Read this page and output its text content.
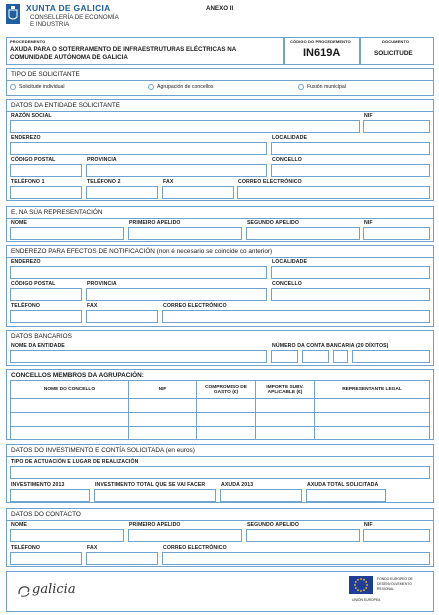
XUNTA DE GALICIA
CONSELLERÍA DE ECONOMÍA
E INDUSTRIA
ANEXO II
PROCEDEMENTO
AXUDA PARA O SOTERRAMENTO DE INFRAESTRUTURAS ELÉCTRICAS NA
COMUNIDADE AUTÓNOMA DE GALICIA
CÓDIGO DO PROCEDEMENTO
IN619A
DOCUMENTO
SOLICITUDE
TIPO DE SOLICITANTE
Solicitude individual	Agrupación de concellos	Fusión municipal
DATOS DA ENTIDADE SOLICITANTE
RAZÓN SOCIAL	NIF
ENDEREZO	LOCALIDADE
CÓDIGO POSTAL	PROVINCIA	CONCELLO
TELÉFONO 1	TELÉFONO 2	FAX	CORREO ELECTRÓNICO
E, NA SÚA REPRESENTACIÓN
NOME	PRIMEIRO APELIDO	SEGUNDO APELIDO	NIF
ENDEREZO PARA EFECTOS DE NOTIFICACIÓN (non é necesario se coincide co anterior)
ENDEREZO	LOCALIDADE
CÓDIGO POSTAL	PROVINCIA	CONCELLO
TELÉFONO	FAX	CORREO ELECTRÓNICO
DATOS BANCARIOS
NOME DA ENTIDADE	NÚMERO DA CONTA BANCARIA (20 DÍXITOS)
CONCELLOS MEMBROS DA AGRUPACIÓN:
NOME DO CONCELLO	NIF	COMPROMISO DE GASTO (€)	IMPORTE SUBV. APLICABLE (€)	REPRESENTANTE LEGAL

DATOS DO INVESTIMENTO E CONTÍA SOLICITADA (en euros)
TIPO DE ACTUACIÓN E LUGAR DE REALIZACIÓN
INVESTIMENTO 2013	INVESTIMENTO TOTAL QUE SE VAI FACER	AXUDA 2013	AXUDA TOTAL SOLICITADA
DATOS DO CONTACTO
NOME	PRIMEIRO APELIDO	SEGUNDO APELIDO	NIF
TELÉFONO	FAX	CORREO ELECTRÓNICO
galicia
FONDO EUROPEO DE
DESENVOLVEMENTO
REXIONAL
UNIÓN EUROPEA
